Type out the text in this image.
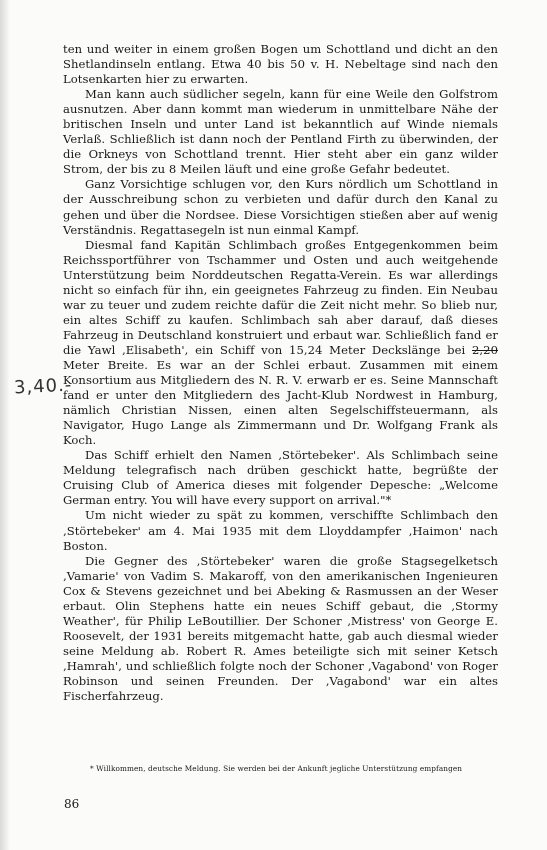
3,40.-

ten und weiter in einem großen Bogen um Schottland und dicht an den Shetlandinseln entlang. Etwa 40 bis 50 v. H. Nebeltage sind nach den Lotsenkarten hier zu erwarten.

Man kann auch südlicher segeln, kann für eine Weile den Golfstrom ausnutzen. Aber dann kommt man wiederum in unmittelbare Nähe der britischen Inseln und unter Land ist bekanntlich auf Winde niemals Verlaß. Schließlich ist dann noch der Pentland Firth zu überwinden, der die Orkneys von Schottland trennt. Hier steht aber ein ganz wilder Strom, der bis zu 8 Meilen läuft und eine große Gefahr bedeutet.

Ganz Vorsichtige schlugen vor, den Kurs nördlich um Schottland in der Ausschreibung schon zu verbieten und dafür durch den Kanal zu gehen und über die Nordsee. Diese Vorsichtigen stießen aber auf wenig Verständnis. Regattasegeln ist nun einmal Kampf.

Diesmal fand Kapitän Schlimbach großes Entgegenkommen beim Reichssportführer von Tschammer und Osten und auch weitgehende Unterstützung beim Norddeutschen Regatta-Verein. Es war allerdings nicht so einfach für ihn, ein geeignetes Fahrzeug zu finden. Ein Neubau war zu teuer und zudem reichte dafür die Zeit nicht mehr. So blieb nur, ein altes Schiff zu kaufen. Schlimbach sah aber darauf, daß dieses Fahrzeug in Deutschland konstruiert und erbaut war. Schließlich fand er die Yawl ‚Elisabeth', ein Schiff von 15,24 Meter Deckslänge bei 2,20 Meter Breite. Es war an der Schlei erbaut. Zusammen mit einem Konsortium aus Mitgliedern des N. R. V. erwarb er es. Seine Mannschaft fand er unter den Mitgliedern des Jacht-Klub Nordwest in Hamburg, nämlich Christian Nissen, einen alten Segelschiffsteuermann, als Navigator, Hugo Lange als Zimmermann und Dr. Wolfgang Frank als Koch.

Das Schiff erhielt den Namen ‚Störtebeker'. Als Schlimbach seine Meldung telegrafisch nach drüben geschickt hatte, begrüßte der Cruising Club of America dieses mit folgender Depesche: „Welcome German entry. You will have every support on arrival."*

Um nicht wieder zu spät zu kommen, verschiffte Schlimbach den ‚Störtebeker' am 4. Mai 1935 mit dem Lloyddampfer ‚Haimon' nach Boston.

Die Gegner des ‚Störtebeker' waren die große Stagsegelketsch ‚Vamarie' von Vadim S. Makaroff, von den amerikanischen Ingenieuren Cox & Stevens gezeichnet und bei Abeking & Rasmussen an der Weser erbaut. Olin Stephens hatte ein neues Schiff gebaut, die ‚Stormy Weather', für Philip LeBoutillier. Der Schoner ‚Mistress' von George E. Roosevelt, der 1931 bereits mitgemacht hatte, gab auch diesmal wieder seine Meldung ab. Robert R. Ames beteiligte sich mit seiner Ketsch ‚Hamrah', und schließlich folgte noch der Schoner ‚Vagabond' von Roger Robinson und seinen Freunden. Der ‚Vagabond' war ein altes Fischerfahrzeug.

* Willkommen, deutsche Meldung. Sie werden bei der Ankunft jegliche Unterstützung empfangen
86
